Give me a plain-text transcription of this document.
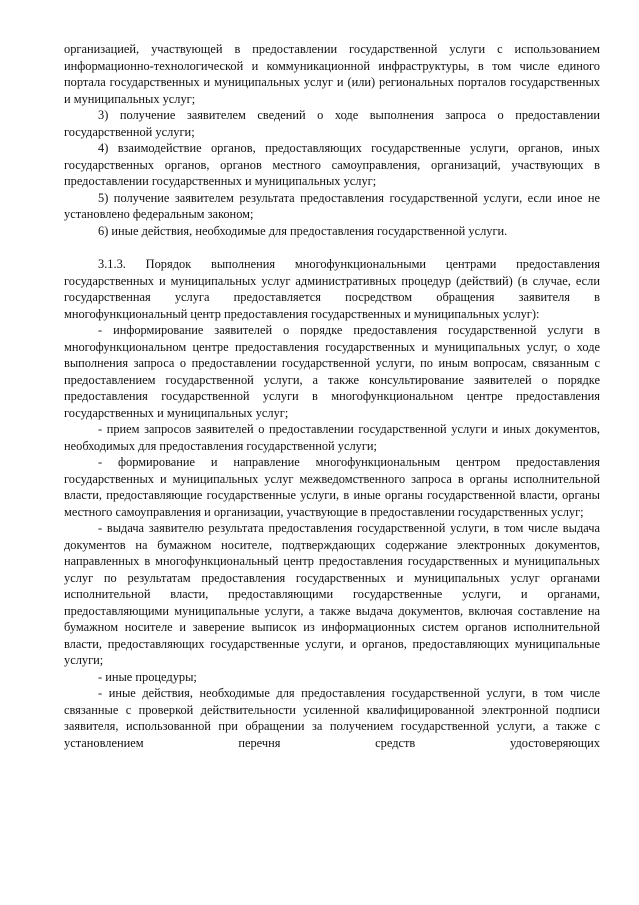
организацией, участвующей в предоставлении государственной услуги с использованием информационно-технологической и коммуникационной инфраструктуры, в том числе единого портала государственных и муниципальных услуг и (или) региональных порталов государственных и муниципальных услуг;

3) получение заявителем сведений о ходе выполнения запроса о предоставлении государственной услуги;

4) взаимодействие органов, предоставляющих государственные услуги, органов, иных государственных органов, органов местного самоуправления, организаций, участвующих в предоставлении государственных и муниципальных услуг;

5) получение заявителем результата предоставления государственной услуги, если иное не установлено федеральным законом;

6) иные действия, необходимые для предоставления государственной услуги.

3.1.3. Порядок выполнения многофункциональными центрами предоставления государственных и муниципальных услуг административных процедур (действий) (в случае, если государственная услуга предоставляется посредством обращения заявителя в многофункциональный центр предоставления государственных и муниципальных услуг):

- информирование заявителей о порядке предоставления государственной услуги в многофункциональном центре предоставления государственных и муниципальных услуг, о ходе выполнения запроса о предоставлении государственной услуги, по иным вопросам, связанным с предоставлением государственной услуги, а также консультирование заявителей о порядке предоставления государственной услуги в многофункциональном центре предоставления государственных и муниципальных услуг;

- прием запросов заявителей о предоставлении государственной услуги и иных документов, необходимых для предоставления государственной услуги;

- формирование и направление многофункциональным центром предоставления государственных и муниципальных услуг межведомственного запроса в органы исполнительной власти, предоставляющие государственные услуги, в иные органы государственной власти, органы местного самоуправления и организации, участвующие в предоставлении государственных услуг;

- выдача заявителю результата предоставления государственной услуги, в том числе выдача документов на бумажном носителе, подтверждающих содержание электронных документов, направленных в многофункциональный центр предоставления государственных и муниципальных услуг по результатам предоставления государственных и муниципальных услуг органами исполнительной власти, предоставляющими государственные услуги, и органами, предоставляющими муниципальные услуги, а также выдача документов, включая составление на бумажном носителе и заверение выписок из информационных систем органов исполнительной власти, предоставляющих государственные услуги, и органов, предоставляющих муниципальные услуги;

- иные процедуры;

- иные действия, необходимые для предоставления государственной услуги, в том числе связанные с проверкой действительности усиленной квалифицированной электронной подписи заявителя, использованной при обращении за получением государственной услуги, а также с установлением перечня средств удостоверяющих
